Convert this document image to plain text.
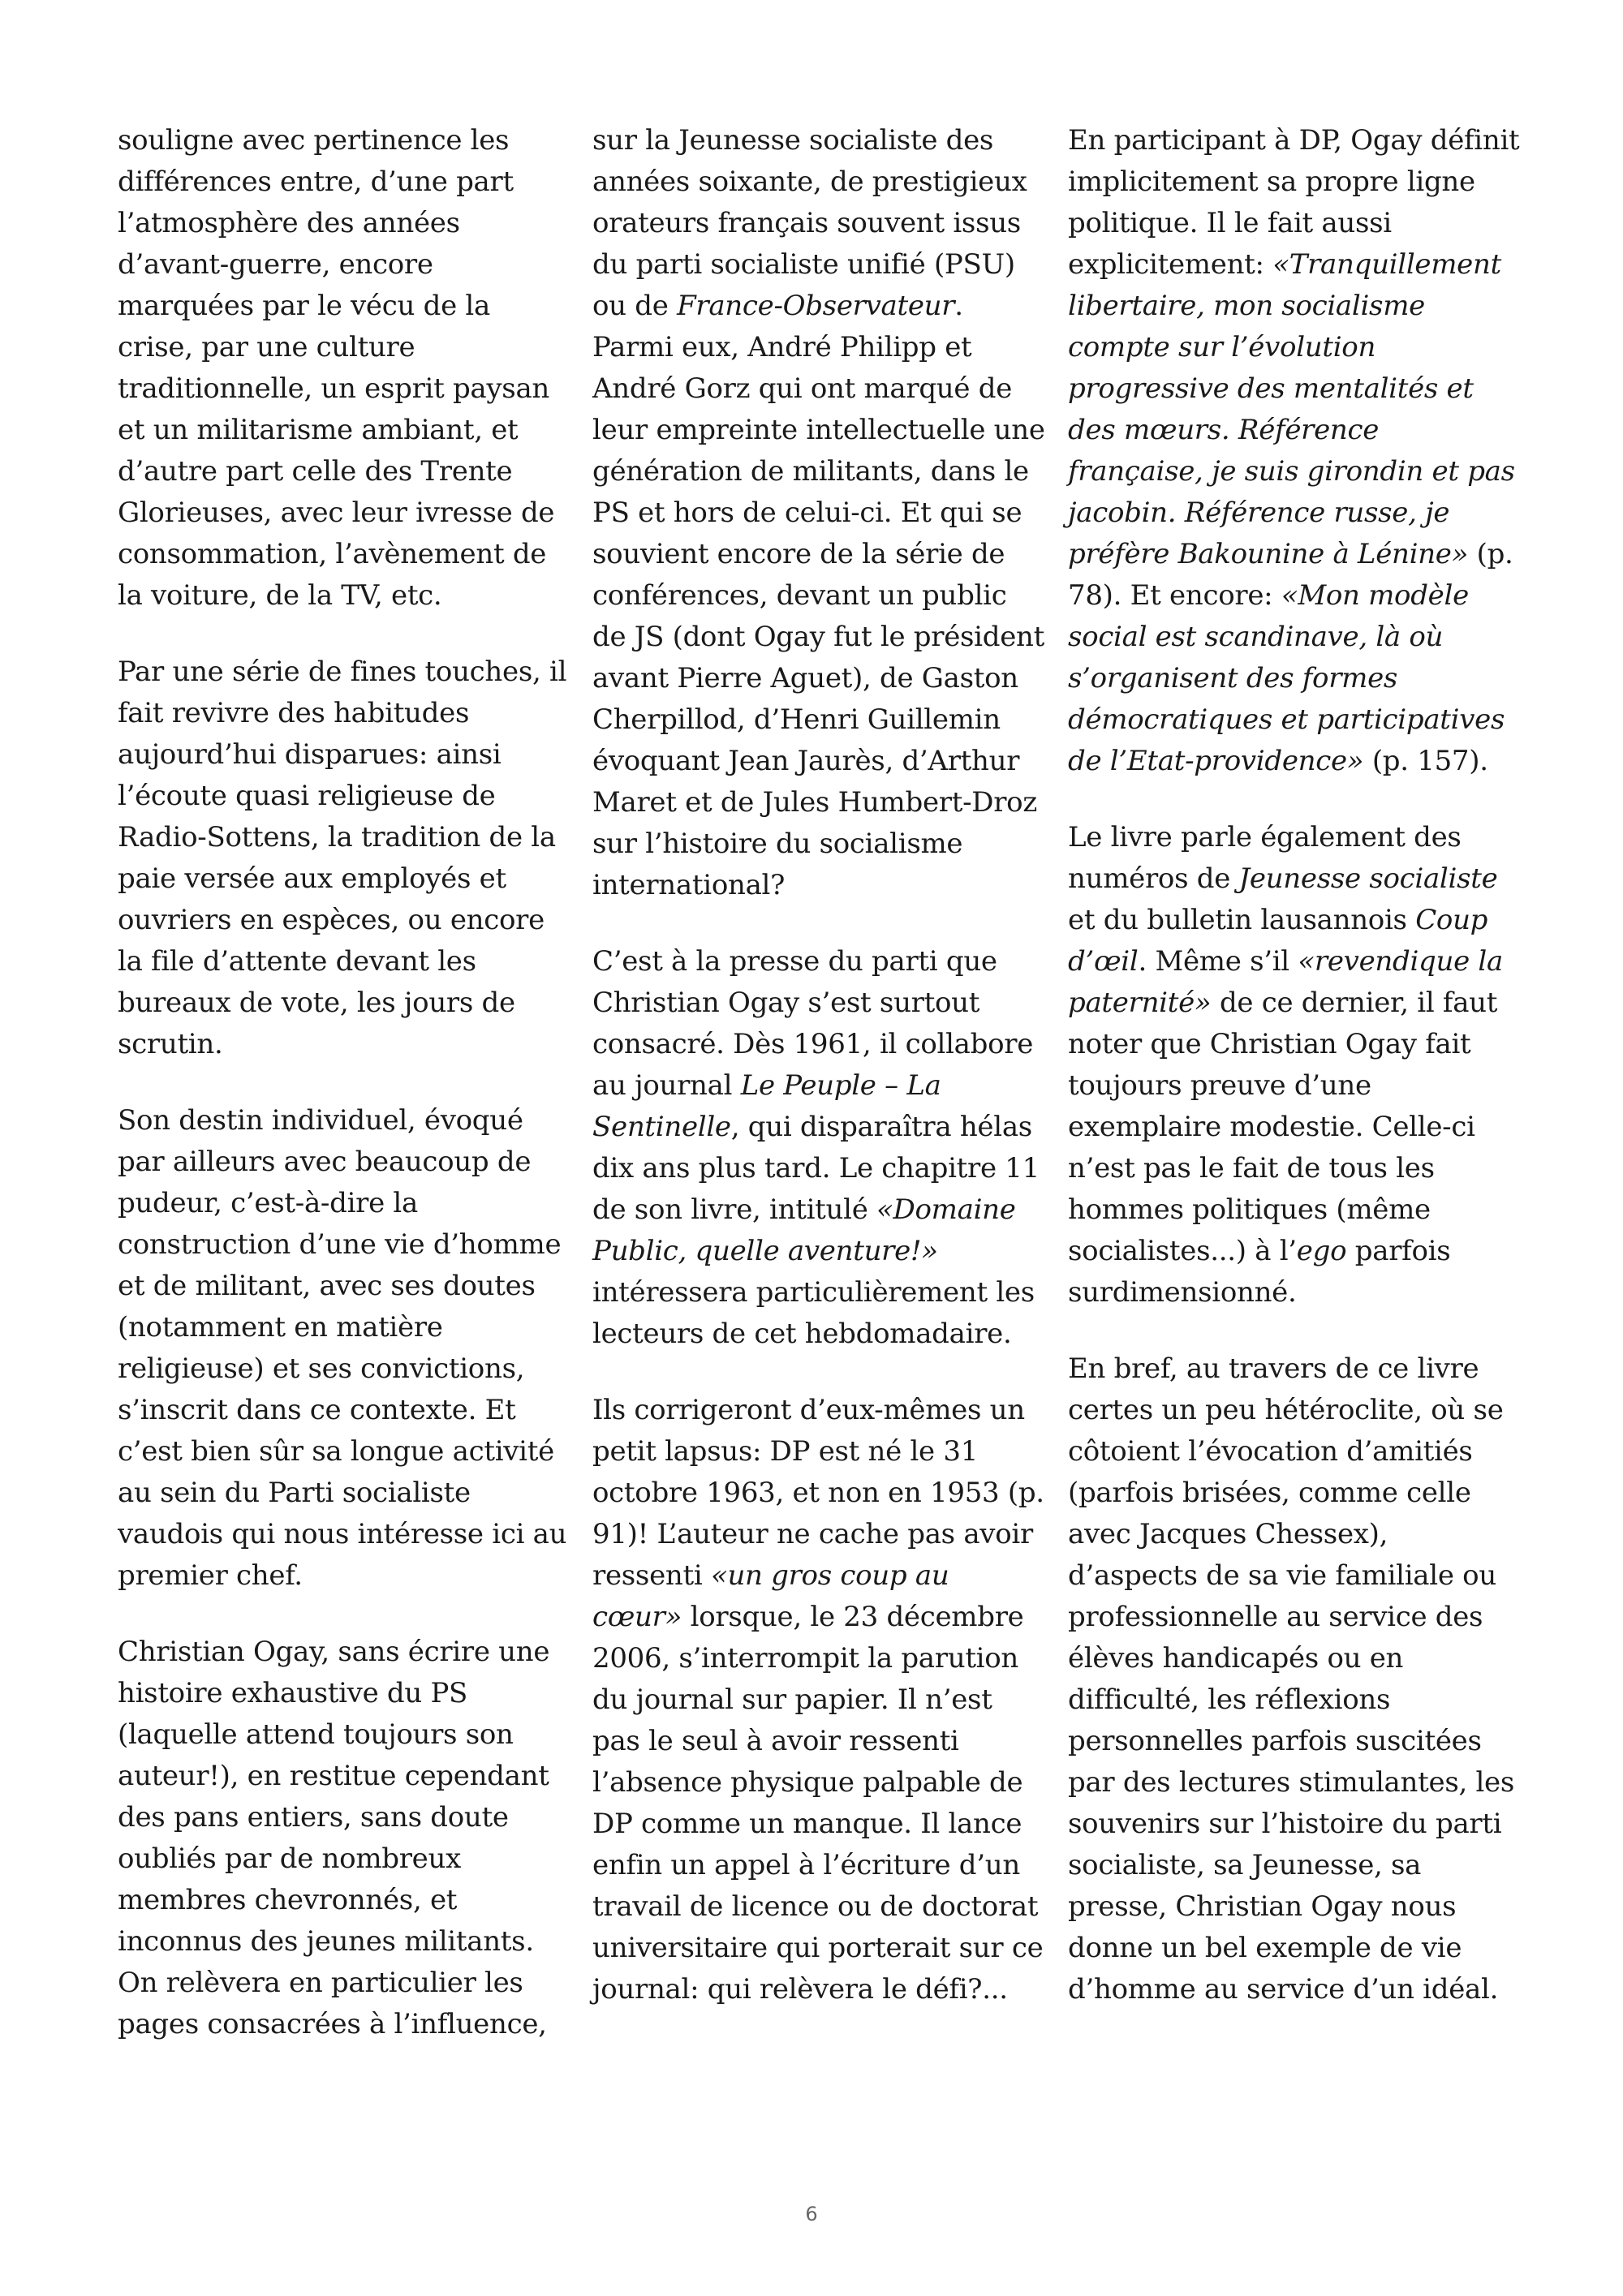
souligne avec pertinence les différences entre, d’une part l’atmosphère des années d’avant-guerre, encore marquées par le vécu de la crise, par une culture traditionnelle, un esprit paysan et un militarisme ambiant, et d’autre part celle des Trente Glorieuses, avec leur ivresse de consommation, l’avènement de la voiture, de la TV, etc.

Par une série de fines touches, il fait revivre des habitudes aujourd’hui disparues: ainsi l’écoute quasi religieuse de Radio-Sottens, la tradition de la paie versée aux employés et ouvriers en espèces, ou encore la file d’attente devant les bureaux de vote, les jours de scrutin.

Son destin individuel, évoqué par ailleurs avec beaucoup de pudeur, c’est-à-dire la construction d’une vie d’homme et de militant, avec ses doutes (notamment en matière religieuse) et ses convictions, s’inscrit dans ce contexte. Et c’est bien sûr sa longue activité au sein du Parti socialiste vaudois qui nous intéresse ici au premier chef.

Christian Ogay, sans écrire une histoire exhaustive du PS (laquelle attend toujours son auteur!), en restitue cependant des pans entiers, sans doute oubliés par de nombreux membres chevronnés, et inconnus des jeunes militants. On relèvera en particulier les pages consacrées à l’influence,

sur la Jeunesse socialiste des années soixante, de prestigieux orateurs français souvent issus du parti socialiste unifié (PSU) ou de France-Observateur. Parmi eux, André Philipp et André Gorz qui ont marqué de leur empreinte intellectuelle une génération de militants, dans le PS et hors de celui-ci. Et qui se souvient encore de la série de conférences, devant un public de JS (dont Ogay fut le président avant Pierre Aguet), de Gaston Cherpillod, d’Henri Guillemin évoquant Jean Jaurès, d’Arthur Maret et de Jules Humbert-Droz sur l’histoire du socialisme international?

C’est à la presse du parti que Christian Ogay s’est surtout consacré. Dès 1961, il collabore au journal Le Peuple – La Sentinelle, qui disparaîtra hélas dix ans plus tard. Le chapitre 11 de son livre, intitulé «Domaine Public, quelle aventure!» intéressera particulièrement les lecteurs de cet hebdomadaire.

Ils corrigeront d’eux-mêmes un petit lapsus: DP est né le 31 octobre 1963, et non en 1953 (p. 91)! L’auteur ne cache pas avoir ressenti «un gros coup au cœur» lorsque, le 23 décembre 2006, s’interrompit la parution du journal sur papier. Il n’est pas le seul à avoir ressenti l’absence physique palpable de DP comme un manque. Il lance enfin un appel à l’écriture d’un travail de licence ou de doctorat universitaire qui porterait sur ce journal: qui relèvera le défi?...

En participant à DP, Ogay définit implicitement sa propre ligne politique. Il le fait aussi explicitement: «Tranquillement libertaire, mon socialisme compte sur l’évolution progressive des mentalités et des mœurs. Référence française, je suis girondin et pas jacobin. Référence russe, je préfère Bakounine à Lénine» (p. 78). Et encore: «Mon modèle social est scandinave, là où s’organisent des formes démocratiques et participatives de l’Etat-providence» (p. 157).

Le livre parle également des numéros de Jeunesse socialiste et du bulletin lausannois Coup d’œil. Même s’il «revendique la paternité» de ce dernier, il faut noter que Christian Ogay fait toujours preuve d’une exemplaire modestie. Celle-ci n’est pas le fait de tous les hommes politiques (même socialistes...) à l’ego parfois surdimensionné.

En bref, au travers de ce livre certes un peu hétéroclite, où se côtoient l’évocation d’amitiés (parfois brisées, comme celle avec Jacques Chessex), d’aspects de sa vie familiale ou professionnelle au service des élèves handicapés ou en difficulté, les réflexions personnelles parfois suscitées par des lectures stimulantes, les souvenirs sur l’histoire du parti socialiste, sa Jeunesse, sa presse, Christian Ogay nous donne un bel exemple de vie d’homme au service d’un idéal.

6
